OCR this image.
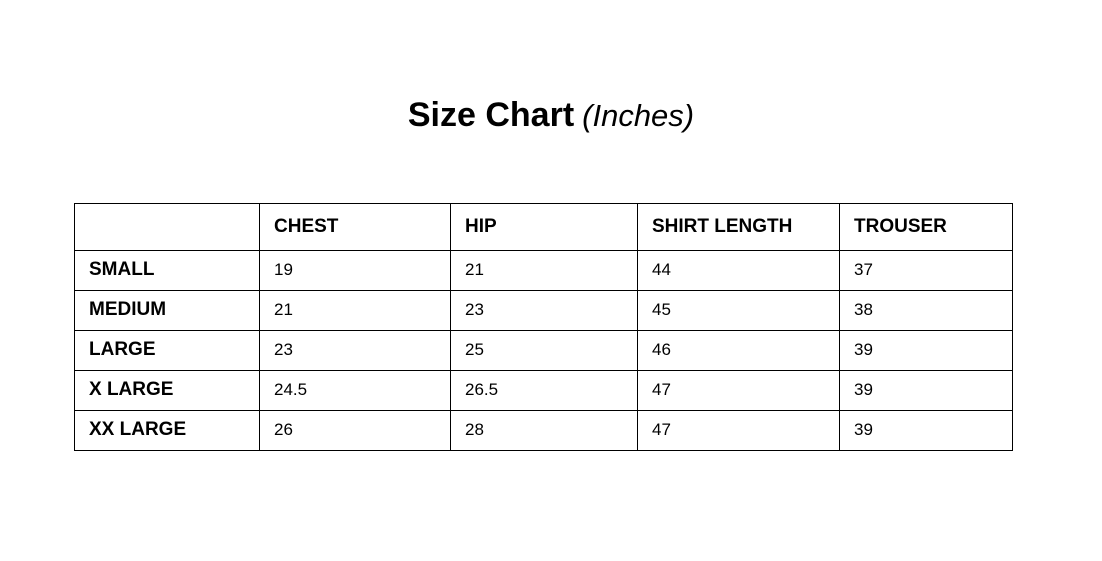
Size Chart (Inches)

	CHEST	HIP	SHIRT LENGTH	TROUSER

SMALL	19	21	44	37

MEDIUM	21	23	45	38

LARGE	23	25	46	39

X LARGE	24.5	26.5	47	39

XX LARGE	26	28	47	39
